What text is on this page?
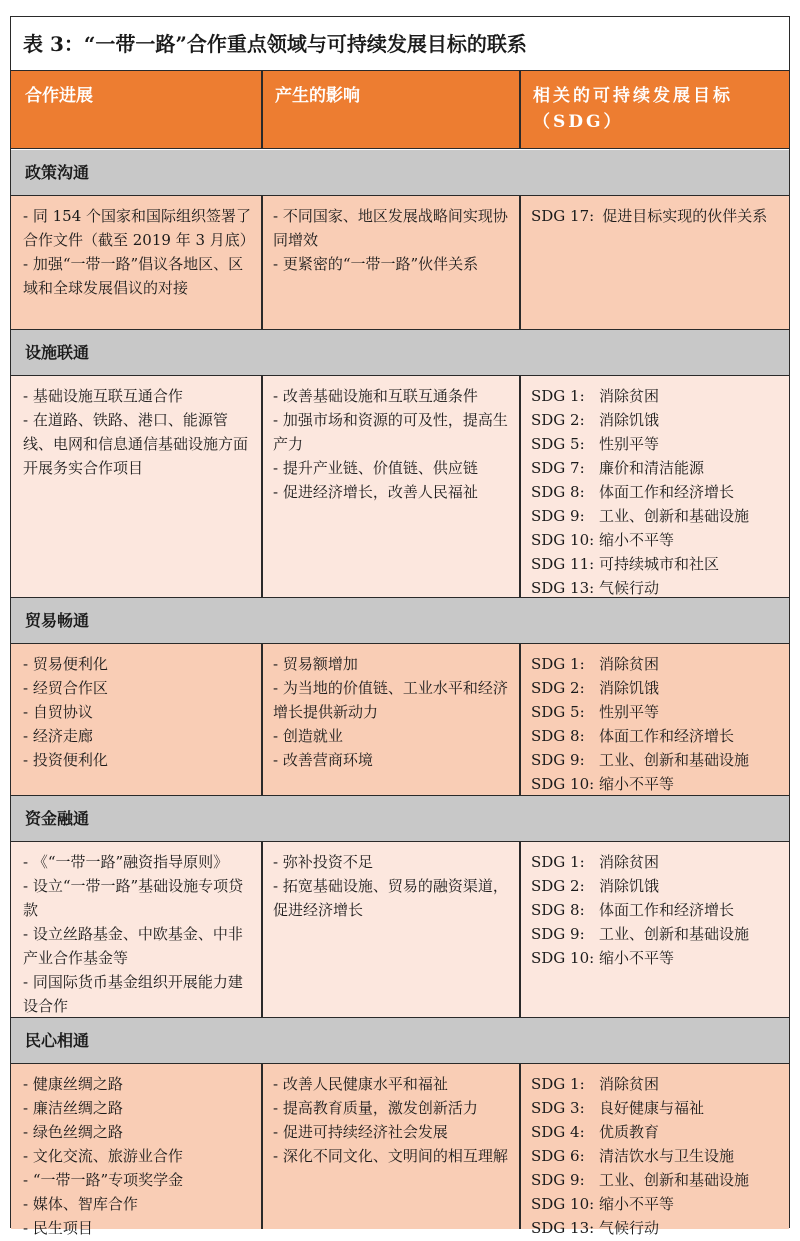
表 3：“一带一路”合作重点领域与可持续发展目标的联系
合作进展	产生的影响	相关的可持续发展目标（SDG）
政策沟通
- 同 154 个国家和国际组织签署了合作文件（截至 2019 年 3 月底）
- 加强“一带一路”倡议各地区、区域和全球发展倡议的对接
- 不同国家、地区发展战略间实现协同增效
- 更紧密的“一带一路”伙伴关系
SDG 17: 促进目标实现的伙伴关系
设施联通
- 基础设施互联互通合作
- 在道路、铁路、港口、能源管线、电网和信息通信基础设施方面开展务实合作项目
- 改善基础设施和互联互通条件
- 加强市场和资源的可及性，提高生产力
- 提升产业链、价值链、供应链
- 促进经济增长，改善人民福祉
SDG 1: 消除贫困
SDG 2: 消除饥饿
SDG 5: 性别平等
SDG 7: 廉价和清洁能源
SDG 8: 体面工作和经济增长
SDG 9: 工业、创新和基础设施
SDG 10: 缩小不平等
SDG 11: 可持续城市和社区
SDG 13: 气候行动
贸易畅通
- 贸易便利化
- 经贸合作区
- 自贸协议
- 经济走廊
- 投资便利化
- 贸易额增加
- 为当地的价值链、工业水平和经济增长提供新动力
- 创造就业
- 改善营商环境
SDG 1: 消除贫困
SDG 2: 消除饥饿
SDG 5: 性别平等
SDG 8: 体面工作和经济增长
SDG 9: 工业、创新和基础设施
SDG 10: 缩小不平等
资金融通
- 《“一带一路”融资指导原则》
- 设立“一带一路”基础设施专项贷款
- 设立丝路基金、中欧基金、中非产业合作基金等
- 同国际货币基金组织开展能力建设合作
- 弥补投资不足
- 拓宽基础设施、贸易的融资渠道，促进经济增长
SDG 1: 消除贫困
SDG 2: 消除饥饿
SDG 8: 体面工作和经济增长
SDG 9: 工业、创新和基础设施
SDG 10: 缩小不平等
民心相通
- 健康丝绸之路
- 廉洁丝绸之路
- 绿色丝绸之路
- 文化交流、旅游业合作
- “一带一路”专项奖学金
- 媒体、智库合作
- 民生项目
- 改善人民健康水平和福祉
- 提高教育质量，激发创新活力
- 促进可持续经济社会发展
- 深化不同文化、文明间的相互理解
SDG 1: 消除贫困
SDG 3: 良好健康与福祉
SDG 4: 优质教育
SDG 6: 清洁饮水与卫生设施
SDG 9: 工业、创新和基础设施
SDG 10: 缩小不平等
SDG 13: 气候行动
